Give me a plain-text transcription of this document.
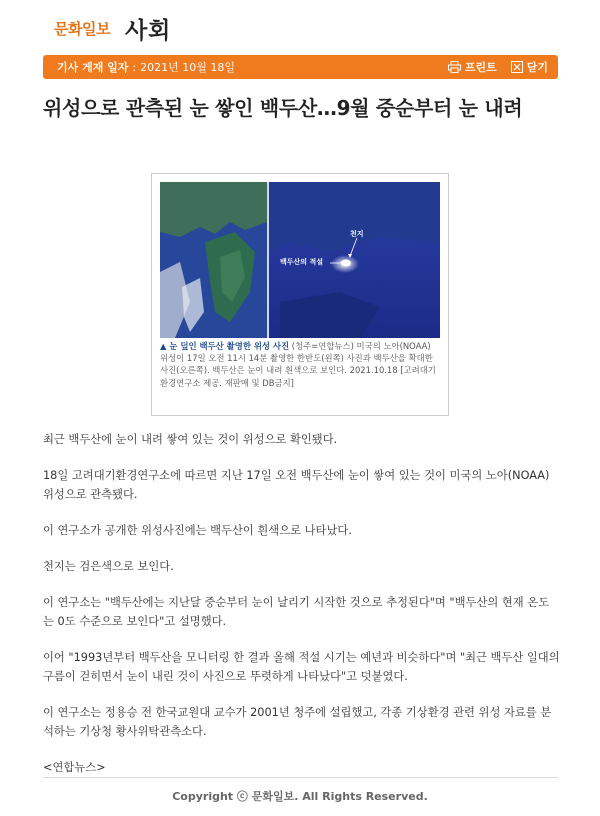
문화일보 사회
기사 게재 일자 : 2021년 10월 18일	프린트	닫기
위성으로 관측된 눈 쌓인 백두산…9월 중순부터 눈 내려
백두산의 적설
천지

▲ 눈 덮인 백두산 촬영한 위성 사진 (청주=연합뉴스) 미국의 노아(NOAA) 위성이 17일 오전 11시 14분 촬영한 한반도(왼쪽) 사진과 백두산을 확대한 사진(오른쪽). 백두산은 눈이 내려 흰색으로 보인다. 2021.10.18 [고려대기환경연구소 제공. 재판매 및 DB금지]

최근 백두산에 눈이 내려 쌓여 있는 것이 위성으로 확인됐다.

18일 고려대기환경연구소에 따르면 지난 17일 오전 백두산에 눈이 쌓여 있는 것이 미국의 노아(NOAA) 위성으로 관측됐다.

이 연구소가 공개한 위성사진에는 백두산이 흰색으로 나타났다.

천지는 검은색으로 보인다.

이 연구소는 "백두산에는 지난달 중순부터 눈이 날리기 시작한 것으로 추정된다"며 "백두산의 현재 온도는 0도 수준으로 보인다"고 설명했다.

이어 "1993년부터 백두산을 모니터링 한 결과 올해 적설 시기는 예년과 비슷하다"며 "최근 백두산 일대의 구름이 걷히면서 눈이 내린 것이 사진으로 뚜렷하게 나타났다"고 덧붙였다.

이 연구소는 정용승 전 한국교원대 교수가 2001년 청주에 설립했고, 각종 기상환경 관련 위성 자료를 분석하는 기상청 황사위탁관측소다.

<연합뉴스>

Copyright ⓒ 문화일보. All Rights Reserved.
